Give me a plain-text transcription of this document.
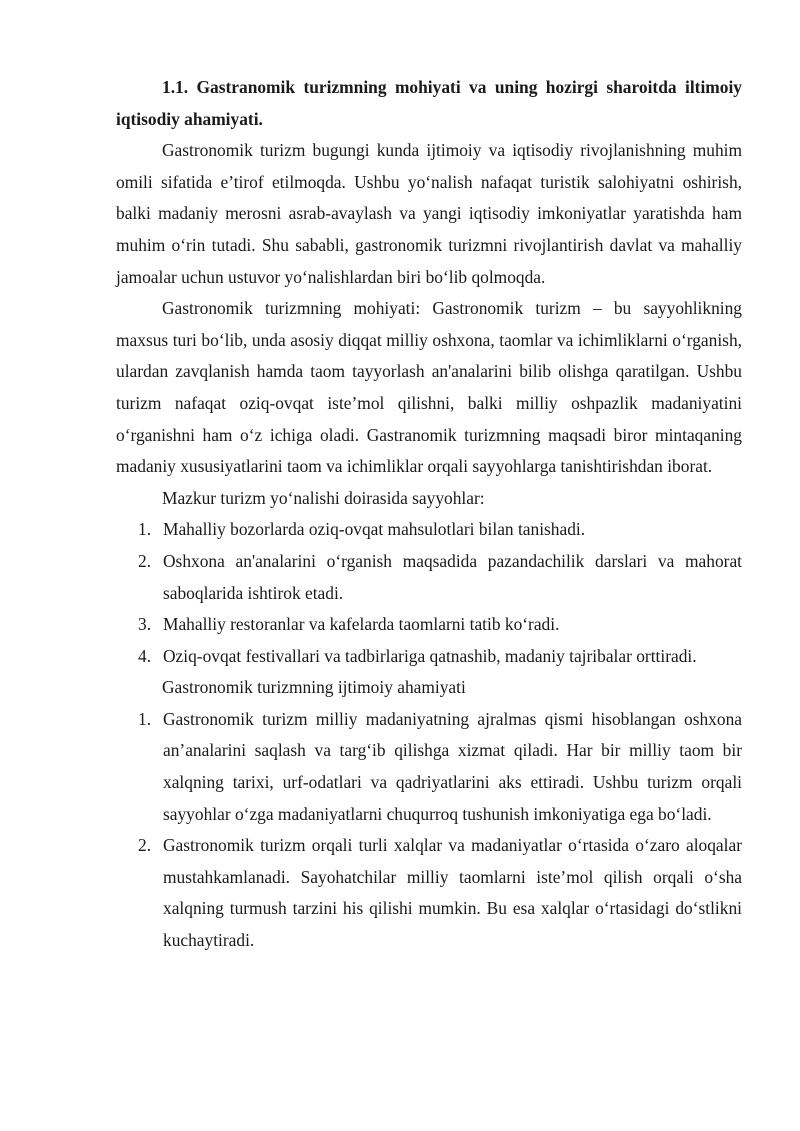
1.1. Gastranomik turizmning mohiyati va uning hozirgi sharoitda iltimoiy iqtisodiy ahamiyati.

Gastronomik turizm bugungi kunda ijtimoiy va iqtisodiy rivojlanishning muhim omili sifatida e’tirof etilmoqda. Ushbu yo‘nalish nafaqat turistik salohiyatni oshirish, balki madaniy merosni asrab-avaylash va yangi iqtisodiy imkoniyatlar yaratishda ham muhim o‘rin tutadi. Shu sababli, gastronomik turizmni rivojlantirish davlat va mahalliy jamoalar uchun ustuvor yo‘nalishlardan biri bo‘lib qolmoqda.

Gastronomik turizmning mohiyati: Gastronomik turizm – bu sayyohlikning maxsus turi bo‘lib, unda asosiy diqqat milliy oshxona, taomlar va ichimliklarni o‘rganish, ulardan zavqlanish hamda taom tayyorlash an'analarini bilib olishga qaratilgan. Ushbu turizm nafaqat oziq-ovqat iste’mol qilishni, balki milliy oshpazlik madaniyatini o‘rganishni ham o‘z ichiga oladi. Gastranomik turizmning maqsadi biror mintaqaning madaniy xususiyatlarini taom va ichimliklar orqali sayyohlarga tanishtirishdan iborat.

Mazkur turizm yo‘nalishi doirasida sayyohlar:

1. Mahalliy bozorlarda oziq-ovqat mahsulotlari bilan tanishadi.
2. Oshxona an'analarini o‘rganish maqsadida pazandachilik darslari va mahorat saboqlarida ishtirok etadi.
3. Mahalliy restoranlar va kafelarda taomlarni tatib ko‘radi.
4. Oziq-ovqat festivallari va tadbirlariga qatnashib, madaniy tajribalar orttiradi.

Gastronomik turizmning ijtimoiy ahamiyati

1. Gastronomik turizm milliy madaniyatning ajralmas qismi hisoblangan oshxona an’analarini saqlash va targ‘ib qilishga xizmat qiladi. Har bir milliy taom bir xalqning tarixi, urf-odatlari va qadriyatlarini aks ettiradi. Ushbu turizm orqali sayyohlar o‘zga madaniyatlarni chuqurroq tushunish imkoniyatiga ega bo‘ladi.
2. Gastronomik turizm orqali turli xalqlar va madaniyatlar o‘rtasida o‘zaro aloqalar mustahkamlanadi. Sayohatchilar milliy taomlarni iste’mol qilish orqali o‘sha xalqning turmush tarzini his qilishi mumkin. Bu esa xalqlar o‘rtasidagi do‘stlikni kuchaytiradi.
